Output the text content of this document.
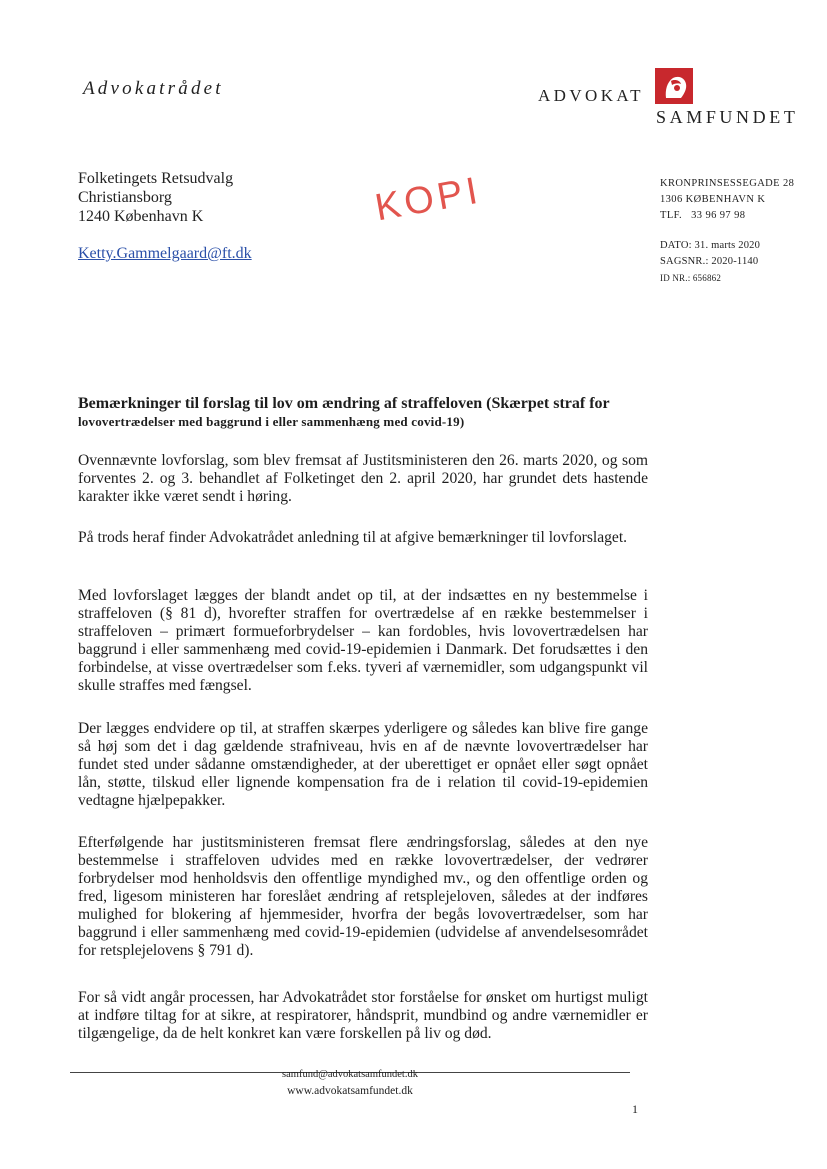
Advokatrådet	ADVOKAT
SAMFUNDET
Folketingets Retsudvalg
Christiansborg
1240 København K
Ketty.Gammelgaard@ft.dk
KOPI	KRONPRINSESSEGADE 28
1306 KØBENHAVN K
TLF.   33 96 97 98
DATO: 31. marts 2020
SAGSNR.: 2020-1140
ID NR.: 656862
Bemærkninger til forslag til lov om ændring af straffeloven (Skærpet straf for
lovovertrædelser med baggrund i eller sammenhæng med covid-19)
Ovennævnte lovforslag, som blev fremsat af Justitsministeren den 26. marts 2020, og som forventes 2. og 3. behandlet af Folketinget den 2. april 2020, har grundet dets hastende karakter ikke været sendt i høring.
På trods heraf finder Advokatrådet anledning til at afgive bemærkninger til lovforslaget.
Med lovforslaget lægges der blandt andet op til, at der indsættes en ny bestemmelse i straffeloven (§ 81 d), hvorefter straffen for overtrædelse af en række bestemmelser i straffeloven – primært formueforbrydelser – kan fordobles, hvis lovovertrædelsen har baggrund i eller sammenhæng med covid-19-epidemien i Danmark. Det forudsættes i den forbindelse, at visse overtrædelser som f.eks. tyveri af værnemidler, som udgangspunkt vil skulle straffes med fængsel.
Der lægges endvidere op til, at straffen skærpes yderligere og således kan blive fire gange så høj som det i dag gældende strafniveau, hvis en af de nævnte lovovertrædelser har fundet sted under sådanne omstændigheder, at der uberettiget er opnået eller søgt opnået lån, støtte, tilskud eller lignende kompensation fra de i relation til covid-19-epidemien vedtagne hjælpepakker.
Efterfølgende har justitsministeren fremsat flere ændringsforslag, således at den nye bestemmelse i straffeloven udvides med en række lovovertrædelser, der vedrører forbrydelser mod henholdsvis den offentlige myndighed mv., og den offentlige orden og fred, ligesom ministeren har foreslået ændring af retsplejeloven, således at der indføres mulighed for blokering af hjemmesider, hvorfra der begås lovovertrædelser, som har baggrund i eller sammenhæng med covid-19-epidemien (udvidelse af anvendelsesområdet for retsplejelovens § 791 d).
For så vidt angår processen, har Advokatrådet stor forståelse for ønsket om hurtigst muligt at indføre tiltag for at sikre, at respiratorer, håndsprit, mundbind og andre værnemidler er tilgængelige, da de helt konkret kan være forskellen på liv og død.
samfund@advokatsamfundet.dk
www.advokatsamfundet.dk
1
